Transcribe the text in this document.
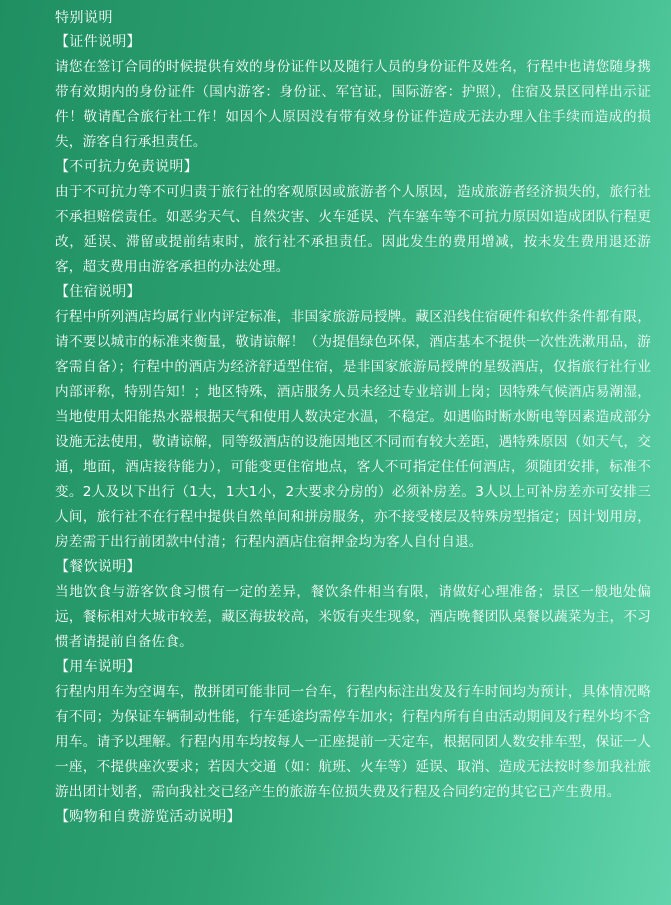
特别说明

【证件说明】

请您在签订合同的时候提供有效的身份证件以及随行人员的身份证件及姓名，行程中也请您随身携带有效期内的身份证件（国内游客：身份证、军官证，国际游客：护照），住宿及景区同样出示证件！敬请配合旅行社工作！如因个人原因没有带有效身份证件造成无法办理入住手续而造成的损失，游客自行承担责任。

【不可抗力免责说明】

由于不可抗力等不可归责于旅行社的客观原因或旅游者个人原因，造成旅游者经济损失的，旅行社不承担赔偿责任。如恶劣天气、自然灾害、火车延误、汽车塞车等不可抗力原因如造成团队行程更改，延误、滞留或提前结束时，旅行社不承担责任。因此发生的费用增减，按未发生费用退还游客，超支费用由游客承担的办法处理。

【住宿说明】

行程中所列酒店均属行业内评定标准，非国家旅游局授牌。藏区沿线住宿硬件和软件条件都有限，请不要以城市的标准来衡量，敬请谅解！（为提倡绿色环保，酒店基本不提供一次性洗漱用品，游客需自备）；行程中的酒店为经济舒适型住宿，是非国家旅游局授牌的星级酒店，仅指旅行社行业内部评称，特别告知！；地区特殊，酒店服务人员未经过专业培训上岗；因特殊气候酒店易潮湿，当地使用太阳能热水器根据天气和使用人数决定水温，不稳定。如遇临时断水断电等因素造成部分设施无法使用，敬请谅解，同等级酒店的设施因地区不同而有较大差距，遇特殊原因（如天气，交通，地面，酒店接待能力），可能变更住宿地点，客人不可指定住任何酒店，须随团安排，标准不变。2人及以下出行（1大，1大1小，2大要求分房的）必须补房差。3人以上可补房差亦可安排三人间，旅行社不在行程中提供自然单间和拼房服务，亦不接受楼层及特殊房型指定；因计划用房，房差需于出行前团款中付清；行程内酒店住宿押金均为客人自付自退。

【餐饮说明】

当地饮食与游客饮食习惯有一定的差异，餐饮条件相当有限，请做好心理准备；景区一般地处偏远，餐标相对大城市较差，藏区海拔较高，米饭有夹生现象，酒店晚餐团队桌餐以蔬菜为主，不习惯者请提前自备佐食。

【用车说明】

行程内用车为空调车，散拼团可能非同一台车，行程内标注出发及行车时间均为预计，具体情况略有不同；为保证车辆制动性能，行车延途均需停车加水；行程内所有自由活动期间及行程外均不含用车。请予以理解。行程内用车均按每人一正座提前一天定车，根据同团人数安排车型，保证一人一座，不提供座次要求；若因大交通（如：航班、火车等）延误、取消、造成无法按时参加我社旅游出团计划者，需向我社交已经产生的旅游车位损失费及行程及合同约定的其它已产生费用。

【购物和自费游览活动说明】
